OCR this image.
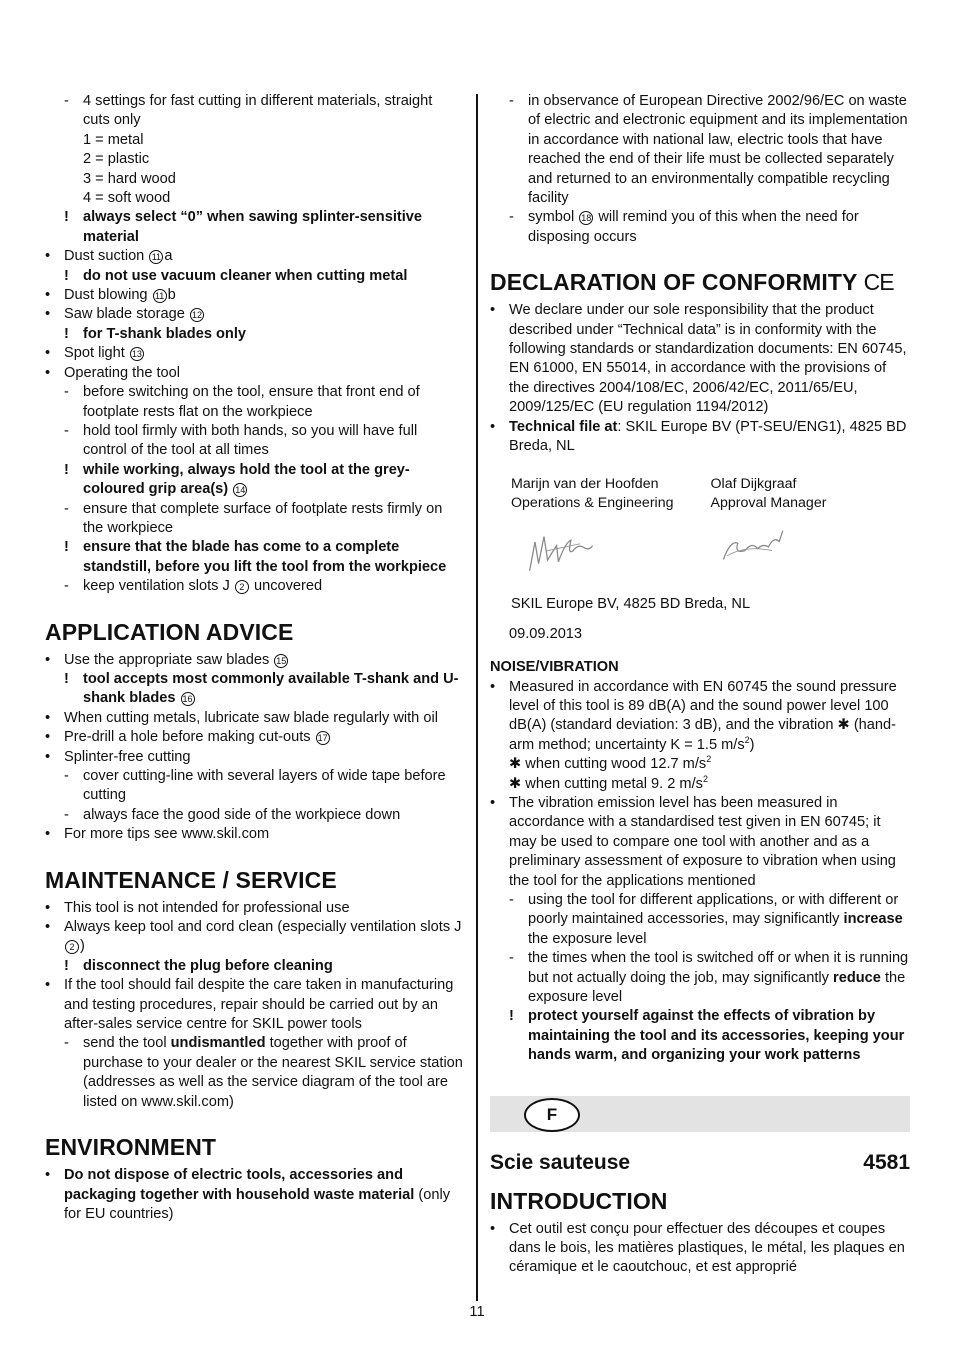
- 4 settings for fast cutting in different materials, straight cuts only
1 = metal
2 = plastic
3 = hard wood
4 = soft wood
! always select “0” when sawing splinter-sensitive material
• Dust suction 11 a
! do not use vacuum cleaner when cutting metal
• Dust blowing 11 b
• Saw blade storage 12
! for T-shank blades only
• Spot light 13
• Operating the tool
- before switching on the tool, ensure that front end of footplate rests flat on the workpiece
- hold tool firmly with both hands, so you will have full control of the tool at all times
! while working, always hold the tool at the grey-coloured grip area(s) 14
- ensure that complete surface of footplate rests firmly on the workpiece
! ensure that the blade has come to a complete standstill, before you lift the tool from the workpiece
- keep ventilation slots J 2 uncovered
APPLICATION ADVICE
• Use the appropriate saw blades 15
! tool accepts most commonly available T-shank and U-shank blades 16
• When cutting metals, lubricate saw blade regularly with oil
• Pre-drill a hole before making cut-outs 17
• Splinter-free cutting
- cover cutting-line with several layers of wide tape before cutting
- always face the good side of the workpiece down
• For more tips see www.skil.com
MAINTENANCE / SERVICE
• This tool is not intended for professional use
• Always keep tool and cord clean (especially ventilation slots J 2 )
! disconnect the plug before cleaning
• If the tool should fail despite the care taken in manufacturing and testing procedures, repair should be carried out by an after-sales service centre for SKIL power tools
- send the tool undismantled together with proof of purchase to your dealer or the nearest SKIL service station (addresses as well as the service diagram of the tool are listed on www.skil.com)
ENVIRONMENT
• Do not dispose of electric tools, accessories and packaging together with household waste material (only for EU countries)
- in observance of European Directive 2002/96/EC on waste of electric and electronic equipment and its implementation in accordance with national law, electric tools that have reached the end of their life must be collected separately and returned to an environmentally compatible recycling facility
- symbol 18 will remind you of this when the need for disposing occurs
DECLARATION OF CONFORMITY CE
• We declare under our sole responsibility that the product described under “Technical data” is in conformity with the following standards or standardization documents: EN 60745, EN 61000, EN 55014, in accordance with the provisions of the directives 2004/108/EC, 2006/42/EC, 2011/65/EU, 2009/125/EC (EU regulation 1194/2012)
• Technical file at: SKIL Europe BV (PT-SEU/ENG1), 4825 BD Breda, NL
Marijn van der Hoofden
Operations & Engineering
Olaf Dijkgraaf
Approval Manager
SKIL Europe BV, 4825 BD Breda, NL
09.09.2013
NOISE/VIBRATION
• Measured in accordance with EN 60745 the sound pressure level of this tool is 89 dB(A) and the sound power level 100 dB(A) (standard deviation: 3 dB), and the vibration ✱ (hand-arm method; uncertainty K = 1.5 $m/s^2$)
✱ when cutting wood 12.7 $m/s^2$
✱ when cutting metal 9. 2 $m/s^2$
• The vibration emission level has been measured in accordance with a standardised test given in EN 60745; it may be used to compare one tool with another and as a preliminary assessment of exposure to vibration when using the tool for the applications mentioned
- using the tool for different applications, or with different or poorly maintained accessories, may significantly increase the exposure level
- the times when the tool is switched off or when it is running but not actually doing the job, may significantly reduce the exposure level
! protect yourself against the effects of vibration by maintaining the tool and its accessories, keeping your hands warm, and organizing your work patterns
F
Scie sauteuse	4581
INTRODUCTION
• Cet outil est conçu pour effectuer des découpes et coupes dans le bois, les matières plastiques, le métal, les plaques en céramique et le caoutchouc, et est approprié
11
